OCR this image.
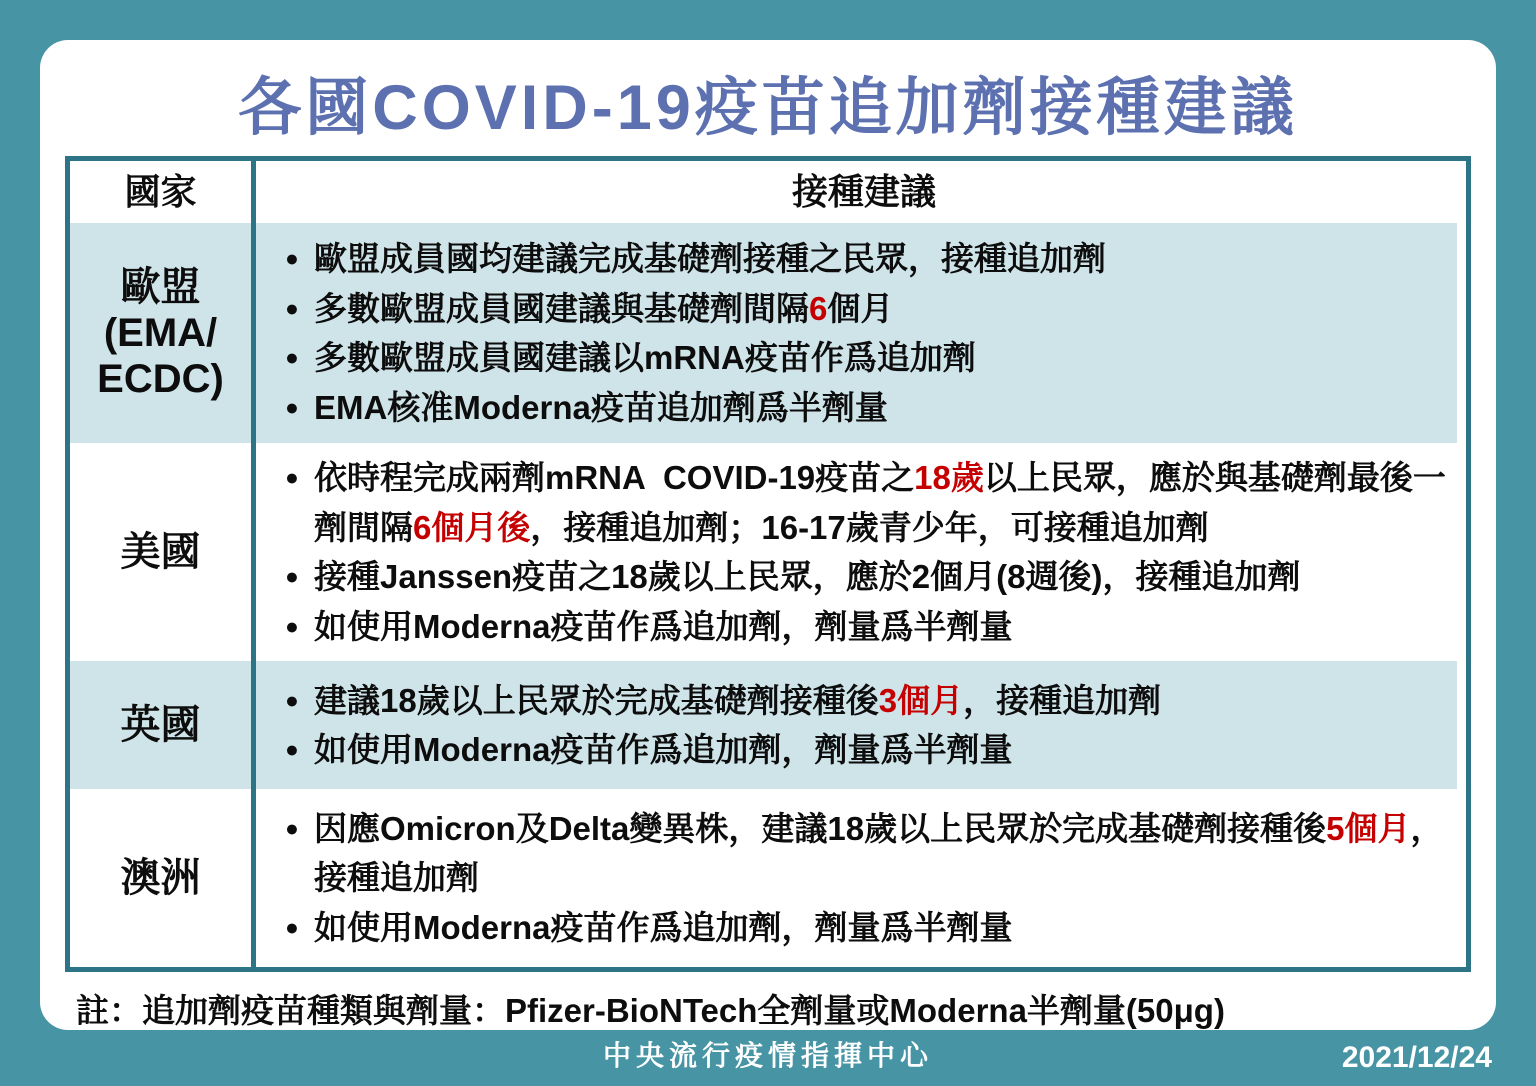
各國COVID-19疫苗追加劑接種建議
國家	接種建議
歐盟
(EMA/
ECDC)
● 歐盟成員國均建議完成基礎劑接種之民眾，接種追加劑
● 多數歐盟成員國建議與基礎劑間隔6個月
● 多數歐盟成員國建議以mRNA疫苗作爲追加劑
● EMA核准Moderna疫苗追加劑爲半劑量
美國
● 依時程完成兩劑mRNA  COVID-19疫苗之18歲以上民眾，應於與基礎劑最後一劑間隔6個月後，接種追加劑；16-17歲青少年，可接種追加劑
● 接種Janssen疫苗之18歲以上民眾，應於2個月(8週後)，接種追加劑
● 如使用Moderna疫苗作爲追加劑，劑量爲半劑量
英國
● 建議18歲以上民眾於完成基礎劑接種後3個月，接種追加劑
● 如使用Moderna疫苗作爲追加劑，劑量爲半劑量
澳洲
● 因應Omicron及Delta變異株，建議18歲以上民眾於完成基礎劑接種後5個月，接種追加劑
● 如使用Moderna疫苗作爲追加劑，劑量爲半劑量
註：追加劑疫苗種類與劑量：Pfizer-BioNTech全劑量或Moderna半劑量(50μg)
中央流行疫情指揮中心	2021/12/24
